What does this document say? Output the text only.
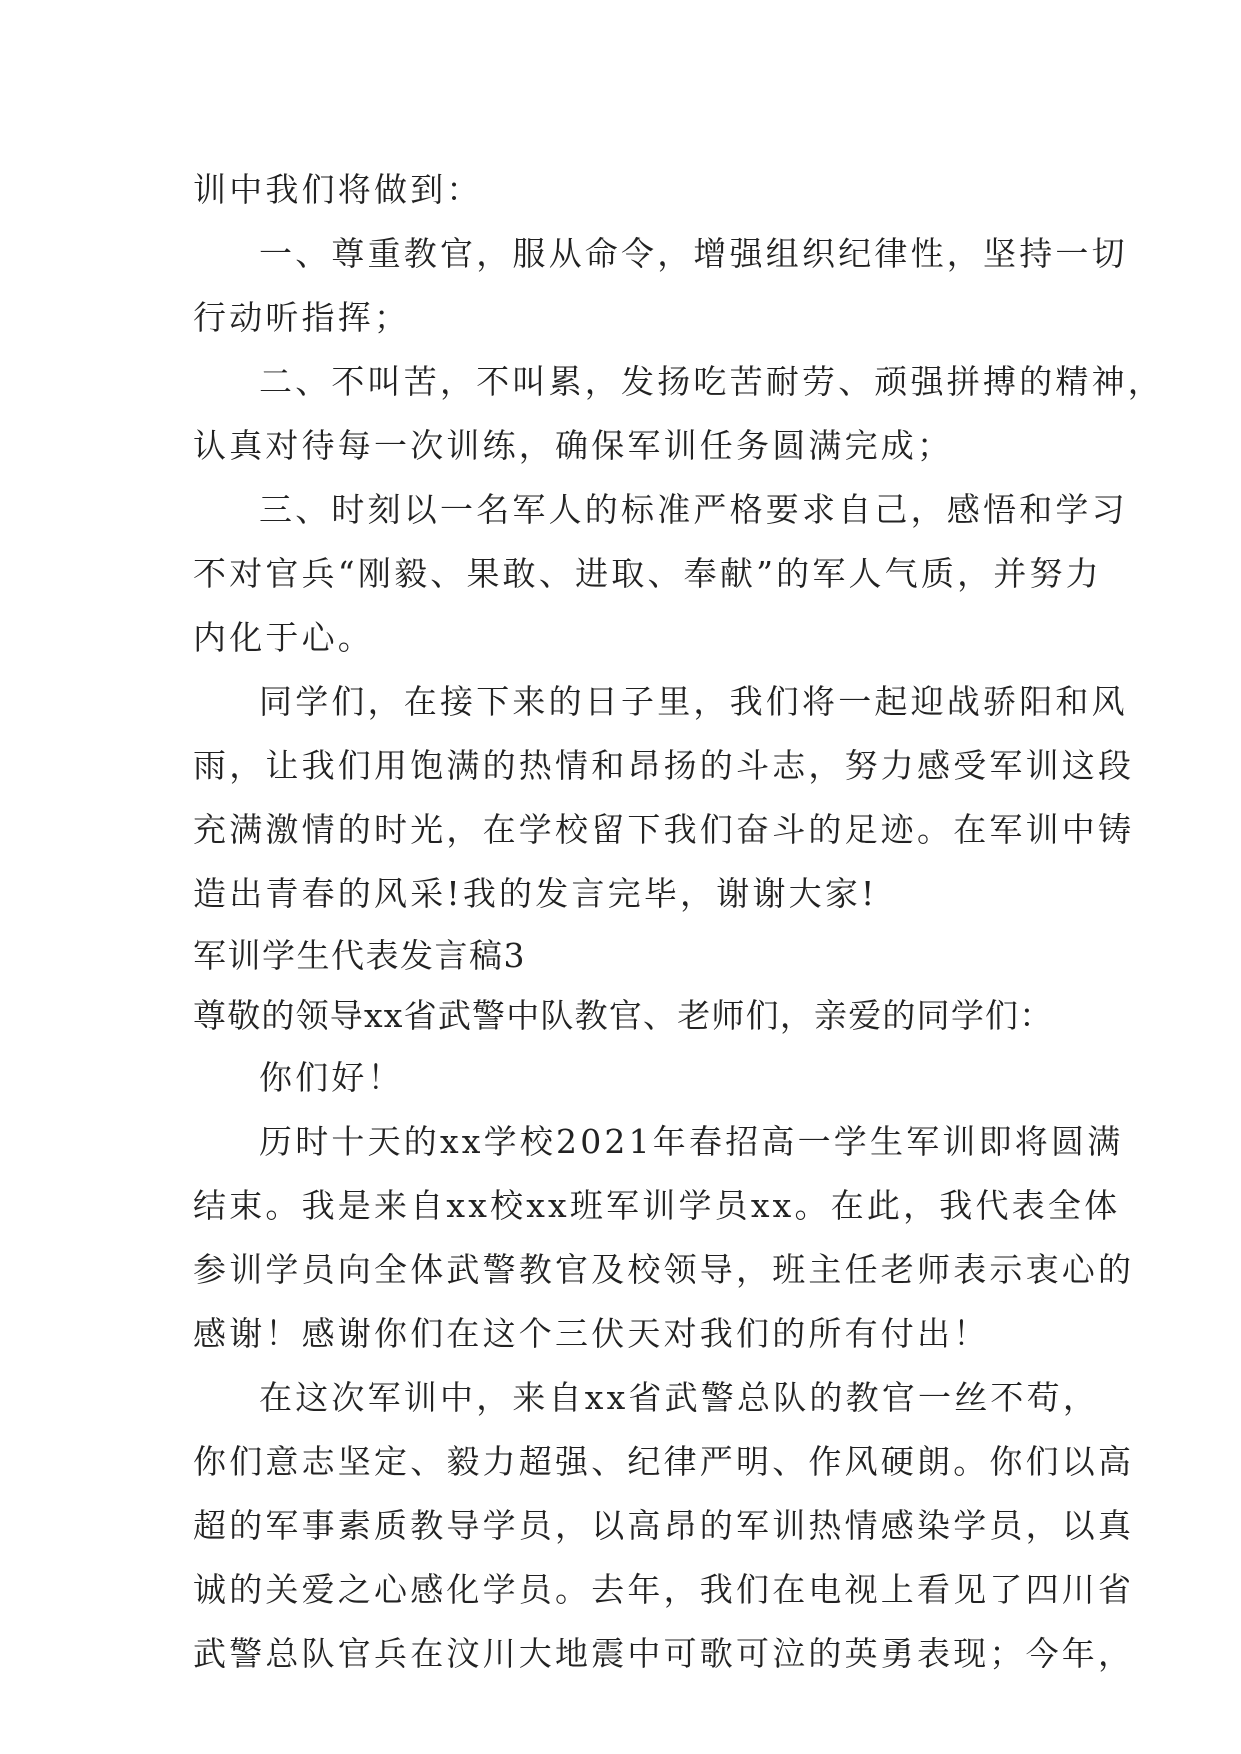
训中我们将做到：

一、尊重教官，服从命令，增强组织纪律性，坚持一切

行动听指挥；

二、不叫苦，不叫累，发扬吃苦耐劳、顽强拼搏的精神，

认真对待每一次训练，确保军训任务圆满完成；

三、时刻以一名军人的标准严格要求自己，感悟和学习

不对官兵“刚毅、果敢、进取、奉献”的军人气质，并努力

内化于心。

同学们，在接下来的日子里，我们将一起迎战骄阳和风

雨，让我们用饱满的热情和昂扬的斗志，努力感受军训这段

充满激情的时光，在学校留下我们奋斗的足迹。在军训中铸

造出青春的风采!我的发言完毕，谢谢大家!

军训学生代表发言稿3

尊敬的领导xx省武警中队教官、老师们，亲爱的同学们：

你们好！

历时十天的xx学校2021年春招高一学生军训即将圆满

结束。我是来自xx校xx班军训学员xx。在此，我代表全体

参训学员向全体武警教官及校领导，班主任老师表示衷心的

感谢！感谢你们在这个三伏天对我们的所有付出！

在这次军训中，来自xx省武警总队的教官一丝不苟，

你们意志坚定、毅力超强、纪律严明、作风硬朗。你们以高

超的军事素质教导学员，以高昂的军训热情感染学员，以真

诚的关爱之心感化学员。去年，我们在电视上看见了四川省

武警总队官兵在汶川大地震中可歌可泣的英勇表现；今年，
